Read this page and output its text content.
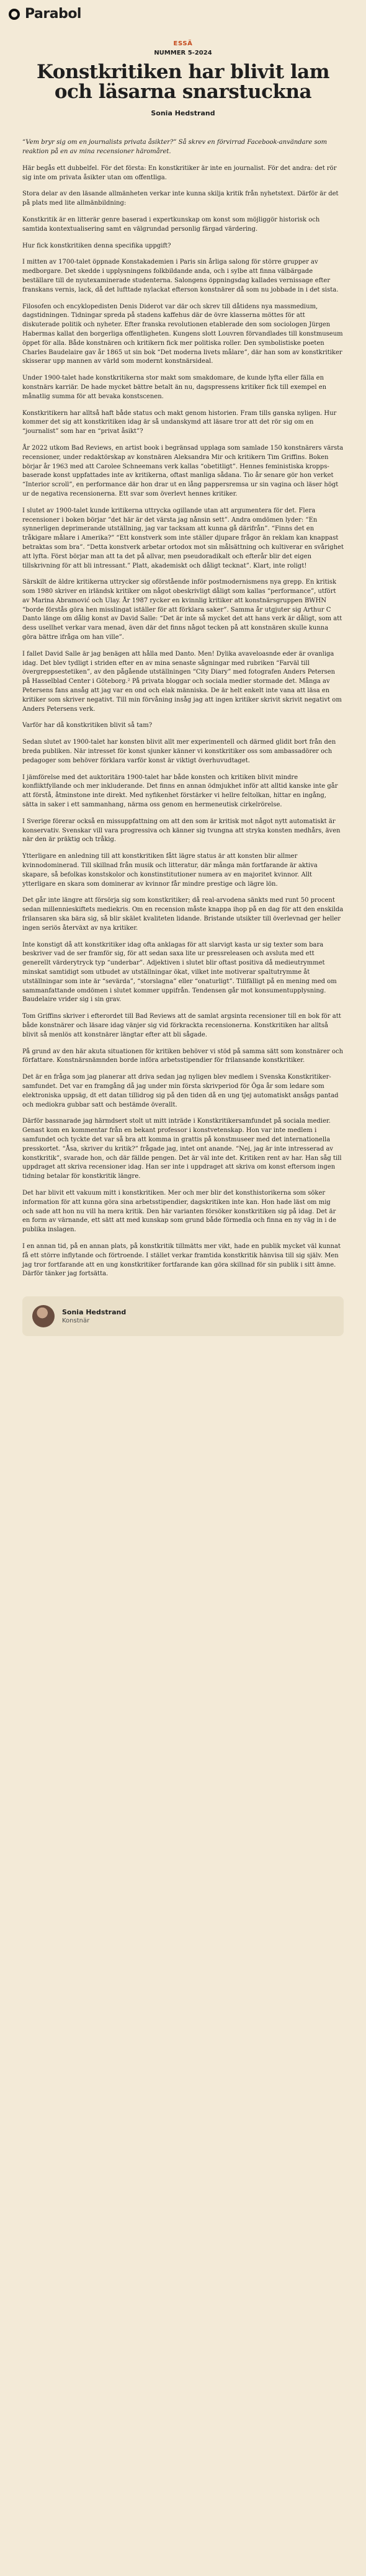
Parabol
ESSÄ
NUMMER 5-2024
Konstkritiken har blivit lam och läsarna snarstuckna
Sonia Hedstrand

“Vem bryr sig om en journalists privata åsikter?” Så skrev en förvirrad Facebook-användare som reaktion på en av mina recensioner häromåret.

Här begås ett dubbelfel. För det första: En konstkritiker är inte en journalist. För det andra: det rör sig inte om privata åsikter utan om offentliga.

Stora delar av den läsande allmänheten verkar inte kunna skilja kritik från nyhetstext. Därför är det på plats med lite allmänbildning:

Konstkritik är en litterär genre baserad i expertkunskap om konst som möjliggör historisk och samtida kontextualisering samt en välgrundad personlig färgad värdering.

Hur fick konstkritiken denna specifika uppgift?

I mitten av 1700-talet öppnade Konstakademien i Paris sin årliga salong för större grupper av medborgare. Det skedde i upplysningens folkbildande anda, och i sylbe att finna välbärgade beställare till de nyutexaminerade studenterna. Salongens öppningsdag kallades vernissage efter franskans vernis, lack, då det lufttade nylackat efterson konstnärer då som nu jobbade in i det sista.

Filosofen och encyklopedisten Denis Diderot var där och skrev till dåtidens nya massmedium, dagstidningen. Tidningar spreda på stadens kaffehus där de övre klasserna möttes för att diskuterade politik och nyheter. Efter franska revolutionen etablerade den som sociologen Jürgen Habermas kallat den borgerliga offentligheten. Kungens slott Louvren förvandlades till konstmuseum öppet för alla. Både konstnären och kritikern fick mer politiska roller. Den symbolistiske poeten Charles Baudelaire gav år 1865 ut sin bok “Det moderna livets målare”, där han som av konstkritiker skisserar upp mannen av värld som modernt konstnärsideal.

Under 1900-talet hade konstkritikerna stor makt som smakdomare, de kunde lyfta eller fälla en konstnärs karriär. De hade mycket bättre betalt än nu, dagspressens kritiker fick till exempel en månatlig summa för att bevaka konstscenen.

Konstkritikern har alltså haft både status och makt genom historien. Fram tills ganska nyligen. Hur kommer det sig att konstkritiken idag är så undanskymd att läsare tror att det rör sig om en “journalist” som har en “privat åsikt”?

År 2022 utkom Bad Reviews, en artist book i begränsad upplaga som samlade 150 konstnärers värsta recensioner, under redaktörskap av konstnären Aleksandra Mir och kritikern Tim Griffins. Boken börjar år 1963 med att Carolee Schneemans verk kallas “obetitligt”. Hennes feministiska kroppsbaserade konst uppfattades inte av kritikerna, oftast manliga sådana. Tio år senare gör hon verket “Interior scroll”, en performance där hon drar ut en lång pappersremsa ur sin vagina och läser högt ur de negativa recensionerna. Ett svar som överlevt hennes kritiker.

I slutet av 1900-talet kunde kritikerna uttrycka ogillande utan att argumentera för det. Flera recensioner i boken börjar “det här är det värsta jag nånsin sett”. Andra omdömen lyder: “En synnerligen deprimerande utställning, jag var tacksam att kunna gå därifrån”. “Finns det en tråkigare målare i Amerika?” “Ett konstverk som inte ställer djupare frågor än reklam kan knappast betraktas som bra”. “Detta konstverk arbetar ortodox mot sin målsättning och kultiverar en svårighet att lyfta. Först börjar man att ta det på allvar, men pseudoradikalt och efterår blir det eigen tillskrivning för att bli intressant.” Platt, akademiskt och dåligt tecknat”. Klart, inte roligt!

Särskilt de äldre kritikerna uttrycker sig oförstående inför postmodernismens nya grepp. En kritisk som 1980 skriver en irländsk kritiker om något obeskrivligt dåligt som kallas “performance”, utfört av Marina Abramović och Ulay. År 1987 rycker en kvinnlig kritiker att konstnärsgruppen BWHN “borde förstås göra hen misslingat iställer för att förklara saker”. Samma år utgjuter sig Arthur C Danto länge om dålig konst av David Salle: “Det är inte så mycket det att hans verk är dåligt, som att dess usellhet verkar vara menad, även där det finns något tecken på att konstnären skulle kunna göra bättre ifråga om han ville”.

I fallet David Salle är jag benägen att hålla med Danto. Men! Dylika avaveloasnde eder är ovanliga idag. Det blev tydligt i striden efter en av mina senaste sågningar med rubriken “Farväl till övergreppsestetiken”, av den pågående utställningen “City Diary” med fotografen Anders Petersen på Hasselblad Center i Göteborg.² På privata bloggar och sociala medier stormade det. Många av Petersens fans ansåg att jag var en ond och elak människa. De är helt enkelt inte vana att läsa en kritiker som skriver negativt. Till min förvåning insåg jag att ingen kritiker skrivit skrivit negativt om Anders Petersens verk.

Varför har då konstkritiken blivit så tam?

Sedan slutet av 1900-talet har konsten blivit allt mer experimentell och därmed glidit bort från den breda publiken. När intresset för konst sjunker känner vi konstkritiker oss som ambassadörer och pedagoger som behöver förklara varför konst är viktigt överhuvudtaget.

I jämförelse med det auktoritära 1900-talet har både konsten och kritiken blivit mindre konfliktfyllande och mer inkluderande. Det finns en annan ödmjukhet inför att alltid kanske inte går att förstå, åtminstone inte direkt. Med nyfikenhet förstärker vi hellre feltolkan, hittar en ingång, sätta in saker i ett sammanhang, närma oss genom en hermeneutisk cirkelrörelse.

I Sverige förerar också en missuppfattning om att den som är kritisk mot något nytt automatiskt är konservativ. Svenskar vill vara progressiva och känner sig tvungna att stryka konsten medhårs, även när den är präktig och tråkig.

Ytterligare en anledning till att konstkritiken fått lägre status är att konsten blir allmer kvinnodominerad. Till skillnad från musik och litteratur, där många män fortfarande är aktiva skapare, så befolkas konstskolor och konstinstitutioner numera av en majoritet kvinnor. Allt ytterligare en skara som dominerar av kvinnor får mindre prestige och lägre lön.

Det går inte längre att försörja sig som konstkritiker; då real-arvodena sänkts med runt 50 procent sedan millennieskiftets mediekris. Om en recension måste knappa ihop på en dag för att den enskilda frilansaren ska bära sig, så blir skälet kvaliteten lidande. Bristande utsikter till överlevnad ger heller ingen seriös återväxt av nya kritiker.

Inte konstigt då att konstkritiker idag ofta anklagas för att slarvigt kasta ur sig texter som bara beskriver vad de ser framför sig, för att sedan saxa lite ur pressreleasen och avsluta med ett generellt värderytryck typ “underbar”. Adjektiven i slutet blir oftast positiva då medieutrymmet minskat samtidigt som utbudet av utställningar ökat, vilket inte motiverar spaltutrymme åt utställningar som inte är “sevärda”, “storslagna” eller “onaturligt”. Tillfälligt på en mening med om sammanfattande omdömen i slutet kommer uppifrån. Tendensen går mot konsumentupplysning. Baudelaire vrider sig i sin grav.

Tom Griffins skriver i efterordet till Bad Reviews att de samlat argsinta recensioner till en bok för att både konstnärer och läsare idag vänjer sig vid förkrackta recensionerna. Konstkritiken har alltså blivit så menlös att konstnärer längtar efter att bli sågade.

På grund av den här akuta situationen för kritiken behöver vi stöd på samma sätt som konstnärer och författare. Konstnärsnämnden borde införa arbetsstipendier för frilansande konstkritiker.

Det är en fråga som jag planerar att driva sedan jag nyligen blev medlem i Svenska Konstkritikersamfundet. Det var en framgång då jag under min första skrivperiod för Öga år som ledare som elektroniska uppsäg, dt ett datan tillidrog sig på den tiden då en ung tjej automatiskt ansågs pantad och mediokra gubbar satt och bestämde överallt.

Därför bassnarade jag härmdsert stolt ut mitt inträde i Konstkritikersamfundet på sociala medier. Genast kom en kommentar från en bekant professor i konstvetenskap. Hon var inte medlem i samfundet och tyckte det var så bra att komma in grattis på konstmuseer med det internationella presskortet. “Åsa, skriver du kritik?” frågade jag, intet ont anande. “Nej, jag är inte intresserad av konstkritik”, svarade hon, och där fällde pengen. Det är väl inte det. Kritiken rent av har. Han såg till uppdraget att skriva recensioner idag. Han ser inte i uppdraget att skriva om konst eftersom ingen tidning betalar för konstkritik längre.

Det har blivit ett vakuum mitt i konstkritiken. Mer och mer blir det konsthistorikerna som söker information för att kunna göra sina arbetsstipendier, dagskritiken inte kan. Hon hade läst om mig och sade att hon nu vill ha mera kritik. Den här varianten försöker konstkritiken sig på idag. Det är en form av värnande, ett sätt att med kunskap som grund både förmedla och finna en ny väg in i de publika inslagen.

I en annan tid, på en annan plats, på konstkritik tillmätts mer vikt, hade en publik mycket väl kunnat få ett större inflytande och förtroende. I stället verkar framtida konstkritik hänvisa till sig själv. Men jag tror fortfarande att en ung konstkritiker fortfarande kan göra skillnad för sin publik i sitt ämne. Därför tänker jag fortsätta.

Sonia Hedstrand
Konstnär
